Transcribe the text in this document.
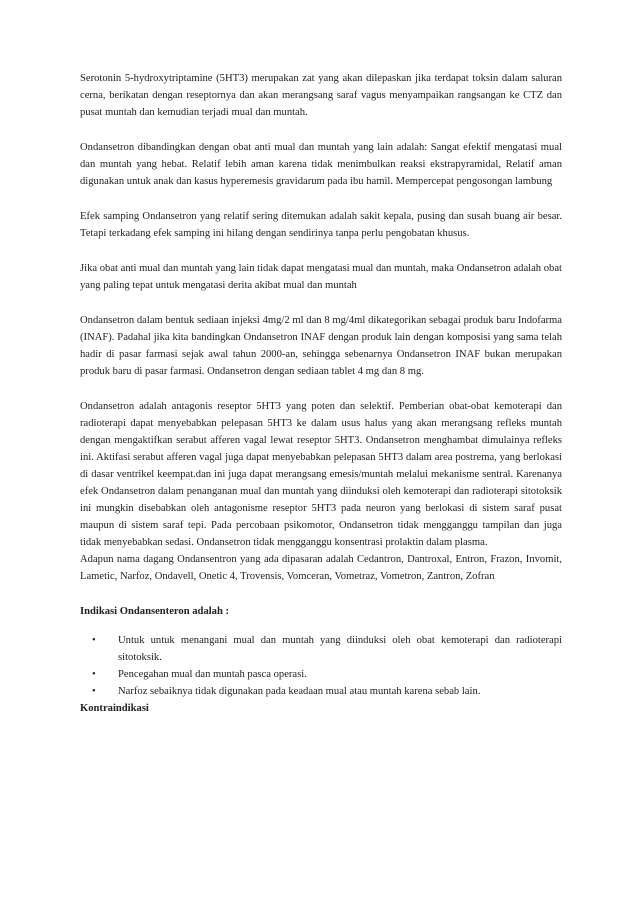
Serotonin 5-hydroxytriptamine (5HT3) merupakan zat yang akan dilepaskan jika terdapat toksin dalam saluran cerna, berikatan dengan reseptornya dan akan merangsang saraf vagus menyampaikan rangsangan ke CTZ dan pusat muntah dan kemudian terjadi mual dan muntah.

Ondansetron dibandingkan dengan obat anti mual dan muntah yang lain adalah: Sangat efektif mengatasi mual dan muntah yang hebat. Relatif lebih aman karena tidak menimbulkan reaksi ekstrapyramidal, Relatif aman digunakan untuk anak dan kasus hyperemesis gravidarum pada ibu hamil. Mempercepat pengosongan lambung

Efek samping Ondansetron yang relatif sering ditemukan adalah sakit kepala, pusing dan susah buang air besar. Tetapi terkadang efek samping ini hilang dengan sendirinya tanpa perlu pengobatan khusus.

Jika obat anti mual dan muntah yang lain tidak dapat mengatasi mual dan muntah, maka Ondansetron adalah obat yang paling tepat untuk mengatasi derita akibat mual dan muntah

Ondansetron dalam bentuk sediaan injeksi 4mg/2 ml dan 8 mg/4ml dikategorikan sebagai produk baru Indofarma (INAF). Padahal jika kita bandingkan Ondansetron INAF dengan produk lain dengan komposisi yang sama telah hadir di pasar farmasi sejak awal tahun 2000-an, sehingga sebenarnya Ondansetron INAF bukan merupakan produk baru di pasar farmasi. Ondansetron dengan sediaan tablet 4 mg dan 8 mg.

Ondansetron adalah antagonis reseptor 5HT3 yang poten dan selektif. Pemberian obat-obat kemoterapi dan radioterapi dapat menyebabkan pelepasan 5HT3 ke dalam usus halus yang akan merangsang refleks muntah dengan mengaktifkan serabut afferen vagal lewat reseptor 5HT3. Ondansetron menghambat dimulainya refleks ini. Aktifasi serabut afferen vagal juga dapat menyebabkan pelepasan 5HT3 dalam area postrema, yang berlokasi di dasar ventrikel keempat.dan ini juga dapat merangsang emesis/muntah melalui mekanisme sentral. Karenanya efek Ondansetron dalam penanganan mual dan muntah yang diinduksi oleh kemoterapi dan radioterapi sitotoksik ini mungkin disebabkan oleh antagonisme reseptor 5HT3 pada neuron yang berlokasi di sistem saraf pusat maupun di sistem saraf tepi. Pada percobaan psikomotor, Ondansetron tidak mengganggu tampilan dan juga tidak menyebabkan sedasi. Ondansetron tidak mengganggu konsentrasi prolaktin dalam plasma.

Adapun nama dagang Ondansentron yang ada dipasaran adalah Cedantron, Dantroxal, Entron, Frazon, Invomit, Lametic, Narfoz, Ondavell, Onetic 4, Trovensis, Vomceran, Vometraz, Vometron, Zantron, Zofran

Indikasi Ondansenteron adalah :

•	Untuk untuk menangani mual dan muntah yang diinduksi oleh obat kemoterapi dan radioterapi sitotoksik.
•	Pencegahan mual dan muntah pasca operasi.
•	Narfoz sebaiknya tidak digunakan pada keadaan mual atau muntah karena sebab lain.

Kontraindikasi
